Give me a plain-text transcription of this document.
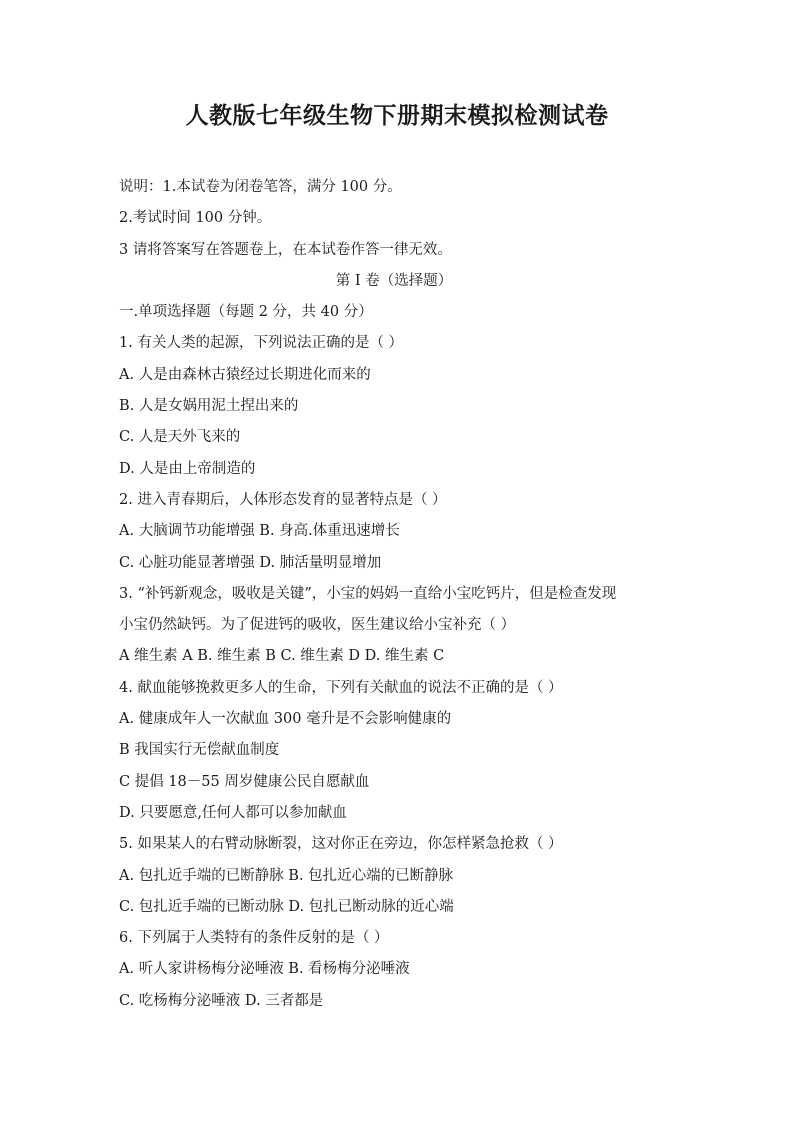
人教版七年级生物下册期末模拟检测试卷
说明：1.本试卷为闭卷笔答，满分 100 分。
2.考试时间 100 分钟。
3 请将答案写在答题卷上，在本试卷作答一律无效。
第 I 卷（选择题）
一.单项选择题（每题 2 分，共 40 分）
1. 有关人类的起源，下列说法正确的是（ ）
A. 人是由森林古猿经过长期进化而来的
B. 人是女娲用泥土捏出来的
C. 人是天外飞来的
D. 人是由上帝制造的
2. 进入青春期后，人体形态发育的显著特点是（ ）
A. 大脑调节功能增强 B. 身高.体重迅速增长
C. 心脏功能显著增强 D. 肺活量明显增加
3. “补钙新观念，吸收是关键”，小宝的妈妈一直给小宝吃钙片，但是检查发现
小宝仍然缺钙。为了促进钙的吸收，医生建议给小宝补充（ ）
A 维生素 A B. 维生素 B C. 维生素 D D. 维生素 C
4. 献血能够挽救更多人的生命，下列有关献血的说法不正确的是（ ）
A. 健康成年人一次献血 300 毫升是不会影响健康的
B 我国实行无偿献血制度
C 提倡 18－55 周岁健康公民自愿献血
D. 只要愿意,任何人都可以参加献血
5. 如果某人的右臂动脉断裂，这对你正在旁边，你怎样紧急抢救（ ）
A. 包扎近手端的已断静脉 B. 包扎近心端的已断静脉
C. 包扎近手端的已断动脉 D. 包扎已断动脉的近心端
6. 下列属于人类特有的条件反射的是（ ）
A. 听人家讲杨梅分泌唾液 B. 看杨梅分泌唾液
C. 吃杨梅分泌唾液 D. 三者都是
